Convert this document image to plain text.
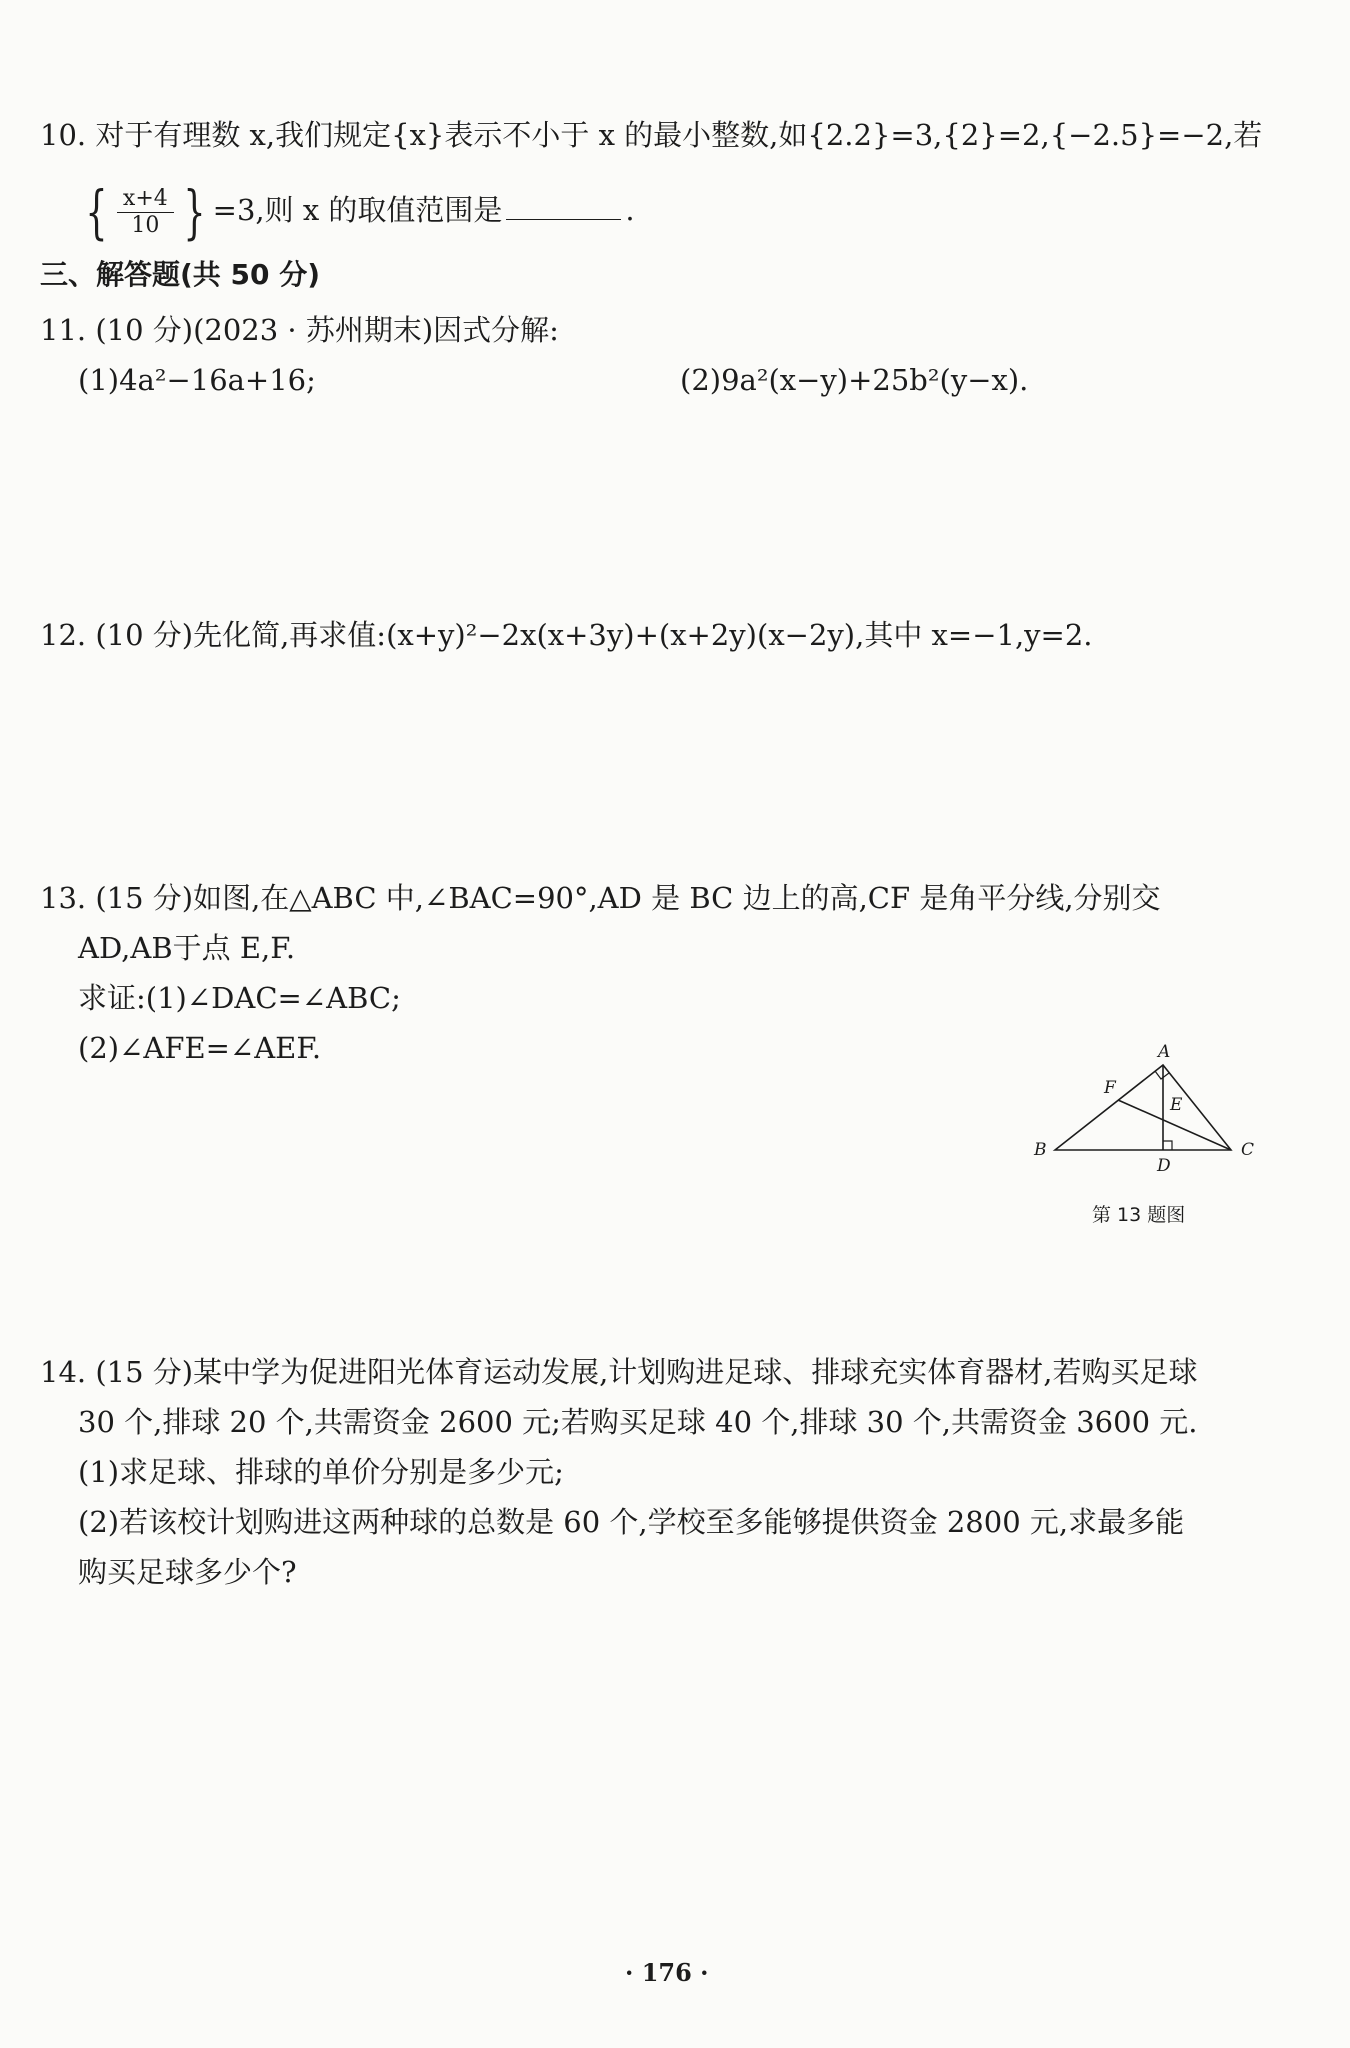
10. 对于有理数 x,我们规定{x}表示不小于 x 的最小整数,如{2.2}=3,{2}=2,{−2.5}=−2,若
{ $\frac{x+4}{10}$ } =3,则 x 的取值范围是	.
三、解答题(共 50 分)
11. (10 分)(2023 · 苏州期末)因式分解:
(1)4a²−16a+16;	(2)9a²(x−y)+25b²(y−x).
12. (10 分)先化简,再求值:(x+y)²−2x(x+3y)+(x+2y)(x−2y),其中 x=−1,y=2.
13. (15 分)如图,在△ABC 中,∠BAC=90°,AD 是 BC 边上的高,CF 是角平分线,分别交
AD,AB于点 E,F.
求证:(1)∠DAC=∠ABC;
(2)∠AFE=∠AEF.	A
B	C
D
E
F
第 13 题图
14. (15 分)某中学为促进阳光体育运动发展,计划购进足球、排球充实体育器材,若购买足球
30 个,排球 20 个,共需资金 2600 元;若购买足球 40 个,排球 30 个,共需资金 3600 元.
(1)求足球、排球的单价分别是多少元;
(2)若该校计划购进这两种球的总数是 60 个,学校至多能够提供资金 2800 元,求最多能
购买足球多少个?
· 176 ·
